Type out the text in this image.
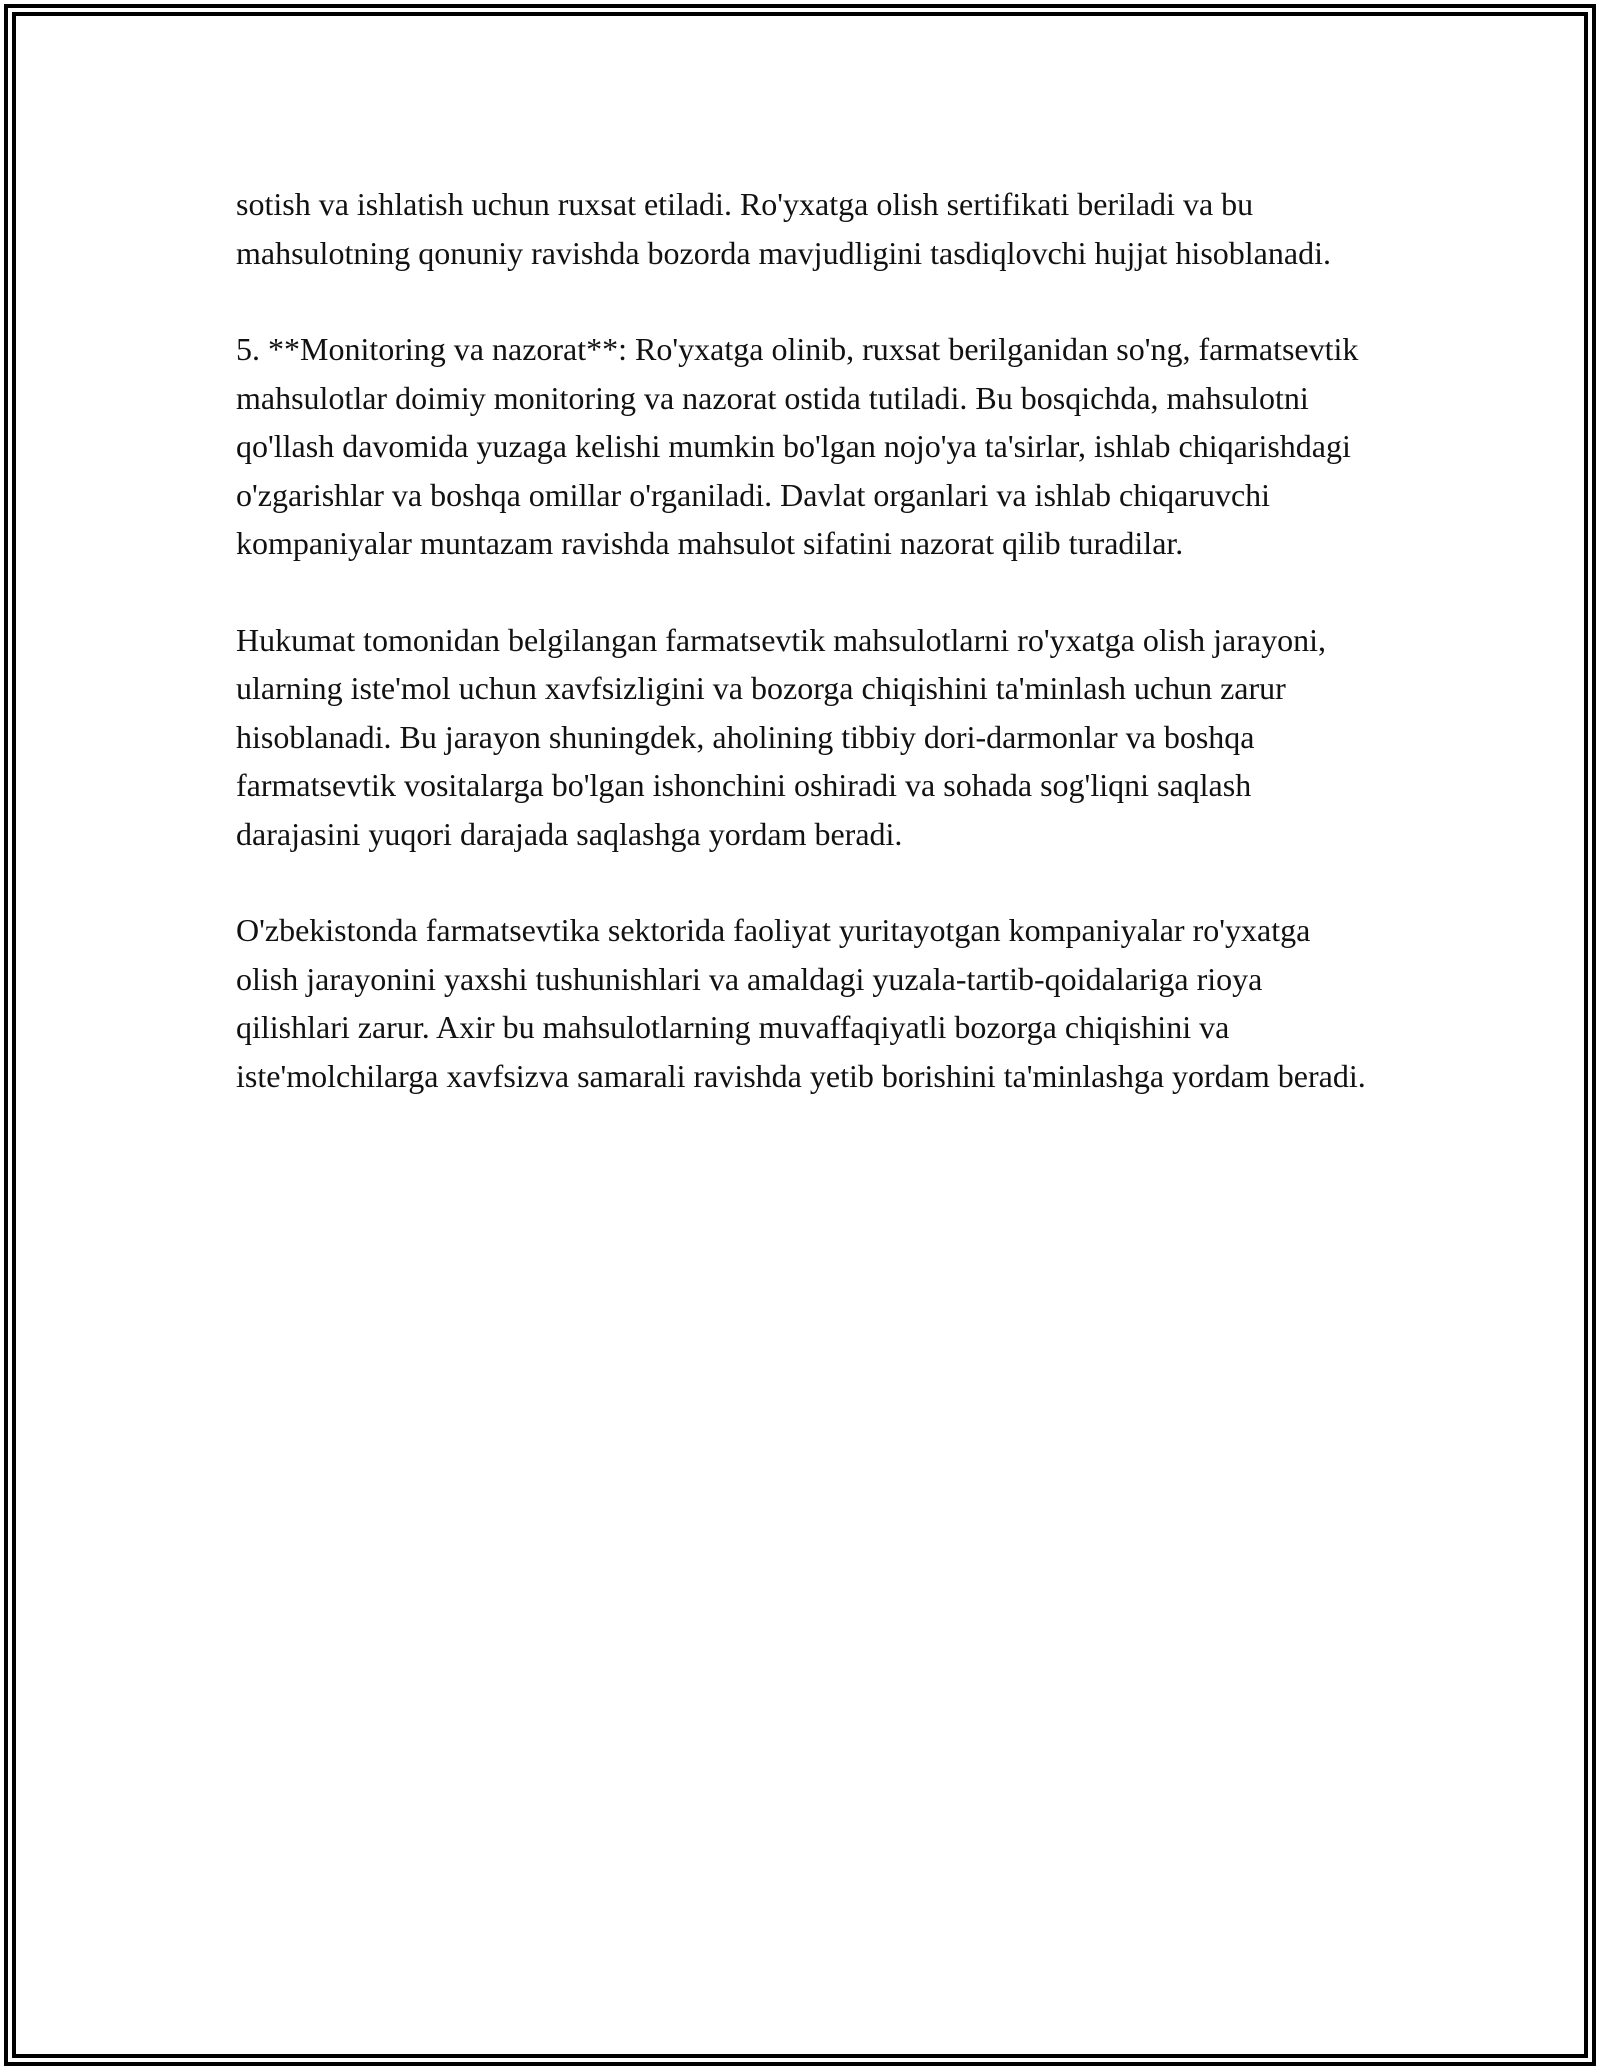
sotish va ishlatish uchun ruxsat etiladi. Ro'yxatga olish sertifikati beriladi va bu mahsulotning qonuniy ravishda bozorda mavjudligini tasdiqlovchi hujjat hisoblanadi.

5. **Monitoring va nazorat**: Ro'yxatga olinib, ruxsat berilganidan so'ng, farmatsevtik mahsulotlar doimiy monitoring va nazorat ostida tutiladi. Bu bosqichda, mahsulotni qo'llash davomida yuzaga kelishi mumkin bo'lgan nojo'ya ta'sirlar, ishlab chiqarishdagi o'zgarishlar va boshqa omillar o'rganiladi. Davlat organlari va ishlab chiqaruvchi kompaniyalar muntazam ravishda mahsulot sifatini nazorat qilib turadilar.

Hukumat tomonidan belgilangan farmatsevtik mahsulotlarni ro'yxatga olish jarayoni, ularning iste'mol uchun xavfsizligini va bozorga chiqishini ta'minlash uchun zarur hisoblanadi. Bu jarayon shuningdek, aholining tibbiy dori-darmonlar va boshqa farmatsevtik vositalarga bo'lgan ishonchini oshiradi va sohada sog'liqni saqlash darajasini yuqori darajada saqlashga yordam beradi.

O'zbekistonda farmatsevtika sektorida faoliyat yuritayotgan kompaniyalar ro'yxatga olish jarayonini yaxshi tushunishlari va amaldagi yuzala-tartib-qoidalariga rioya qilishlari zarur. Axir bu mahsulotlarning muvaffaqiyatli bozorga chiqishini va iste'molchilarga xavfsizva samarali ravishda yetib borishini ta'minlashga yordam beradi.
